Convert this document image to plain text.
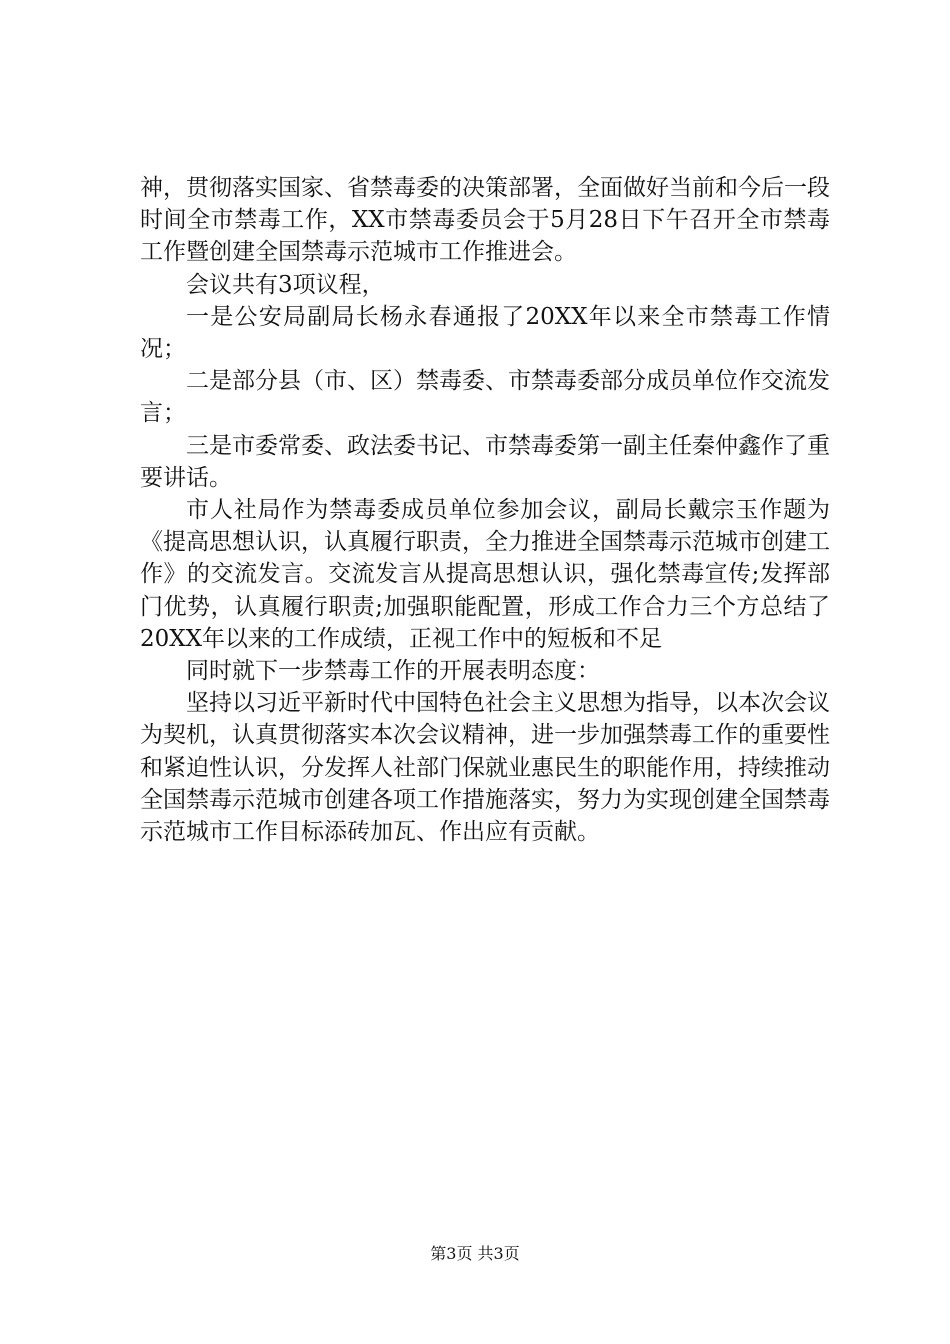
神，贯彻落实国家、省禁毒委的决策部署，全面做好当前和今后一段时间全市禁毒工作，XX市禁毒委员会于5月28日下午召开全市禁毒工作暨创建全国禁毒示范城市工作推进会。

会议共有3项议程，

一是公安局副局长杨永春通报了20XX年以来全市禁毒工作情况；

二是部分县（市、区）禁毒委、市禁毒委部分成员单位作交流发言；

三是市委常委、政法委书记、市禁毒委第一副主任秦仲鑫作了重要讲话。

市人社局作为禁毒委成员单位参加会议，副局长戴宗玉作题为《提高思想认识，认真履行职责，全力推进全国禁毒示范城市创建工作》的交流发言。交流发言从提高思想认识，强化禁毒宣传;发挥部门优势，认真履行职责;加强职能配置，形成工作合力三个方总结了20XX年以来的工作成绩，正视工作中的短板和不足

同时就下一步禁毒工作的开展表明态度：

坚持以习近平新时代中国特色社会主义思想为指导，以本次会议为契机，认真贯彻落实本次会议精神，进一步加强禁毒工作的重要性和紧迫性认识，分发挥人社部门保就业惠民生的职能作用，持续推动全国禁毒示范城市创建各项工作措施落实，努力为实现创建全国禁毒示范城市工作目标添砖加瓦、作出应有贡献。

第3页 共3页
